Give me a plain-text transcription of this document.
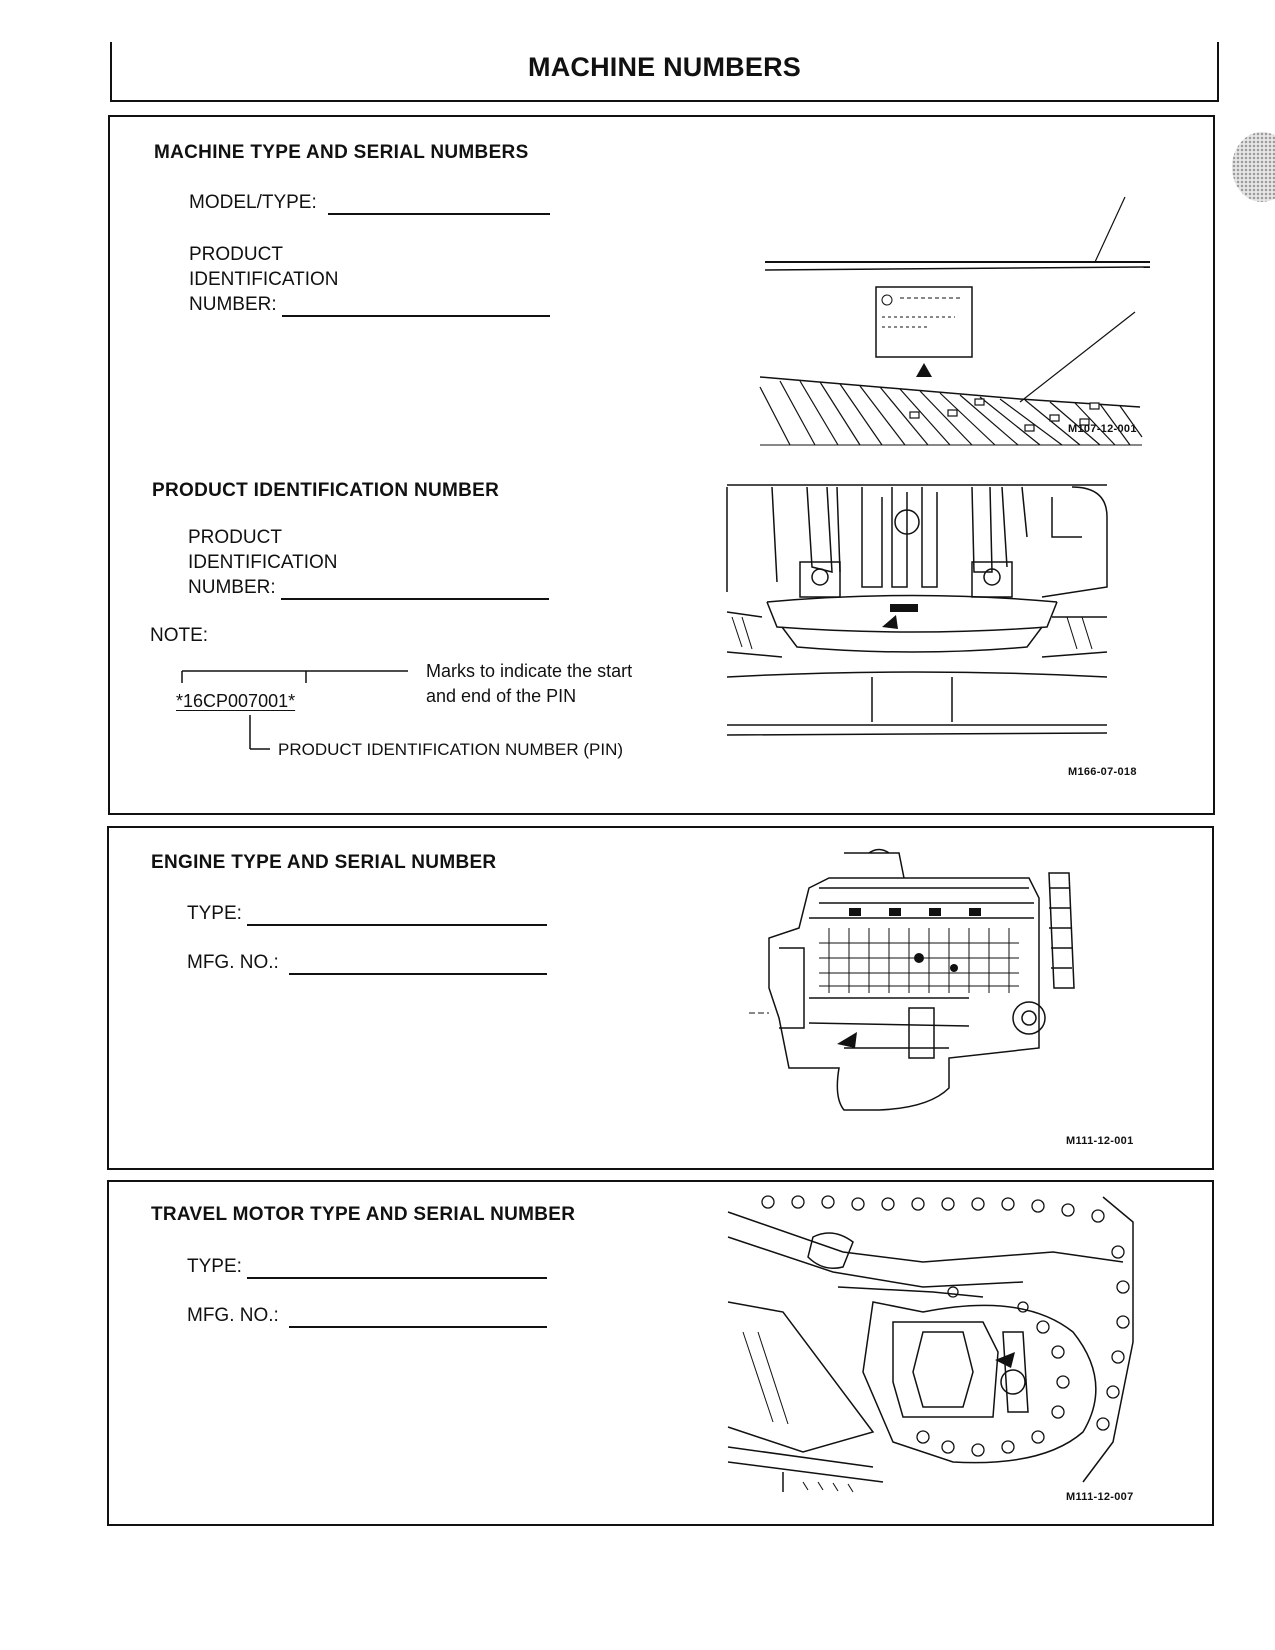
MACHINE NUMBERS
MACHINE TYPE AND SERIAL NUMBERS
MODEL/TYPE:
PRODUCT
IDENTIFICATION
NUMBER:
M107-12-001
PRODUCT IDENTIFICATION NUMBER
PRODUCT
IDENTIFICATION
NUMBER:
NOTE:
*16CP007001*
Marks to indicate the start
and end of the PIN
PRODUCT IDENTIFICATION NUMBER (PIN)
M166-07-018
ENGINE TYPE AND SERIAL NUMBER
TYPE:
MFG. NO.:
M111-12-001
TRAVEL MOTOR TYPE AND SERIAL NUMBER
TYPE:
MFG. NO.:
M111-12-007
